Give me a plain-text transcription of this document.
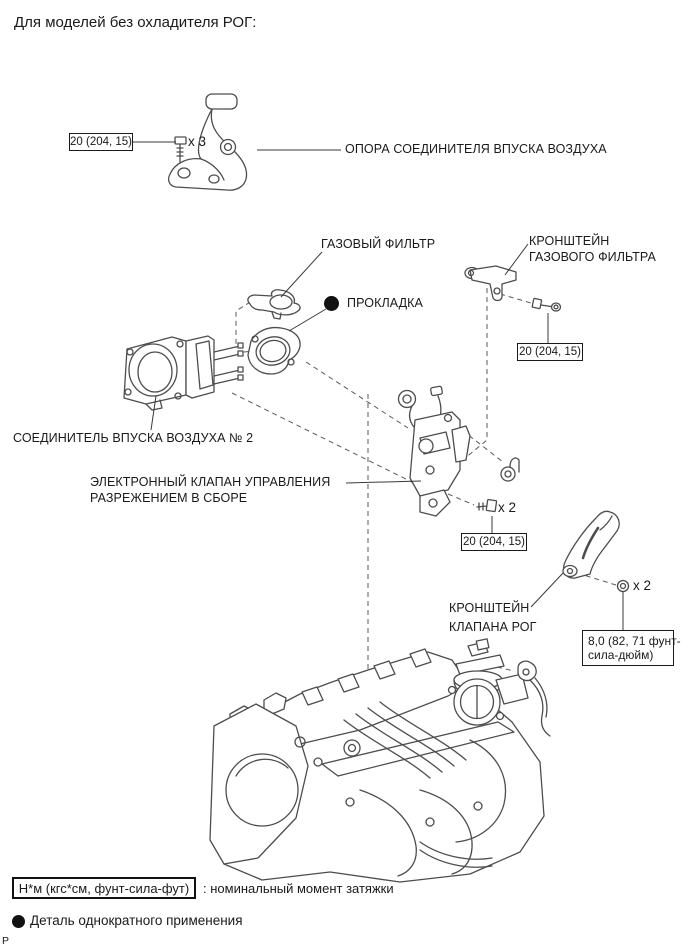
Для моделей без охладителя РОГ:
20 (204, 15)	x 3	ОПОРА СОЕДИНИТЕЛЯ ВПУСКА ВОЗДУХА
ГАЗОВЫЙ ФИЛЬТР	КРОНШТЕЙН
ГАЗОВОГО ФИЛЬТРА
ПРОКЛАДКА
20 (204, 15)
СОЕДИНИТЕЛЬ ВПУСКА ВОЗДУХА № 2
ЭЛЕКТРОННЫЙ КЛАПАН УПРАВЛЕНИЯ
РАЗРЕЖЕНИЕМ В СБОРЕ
x 2
20 (204, 15)
x 2
КРОНШТЕЙН
КЛАПАНА РОГ
8,0 (82, 71 фунт-
сила-дюйм)
Н*м (кгс*см, фунт-сила-фут)	: номинальный момент затяжки
Деталь однократного применения
P
